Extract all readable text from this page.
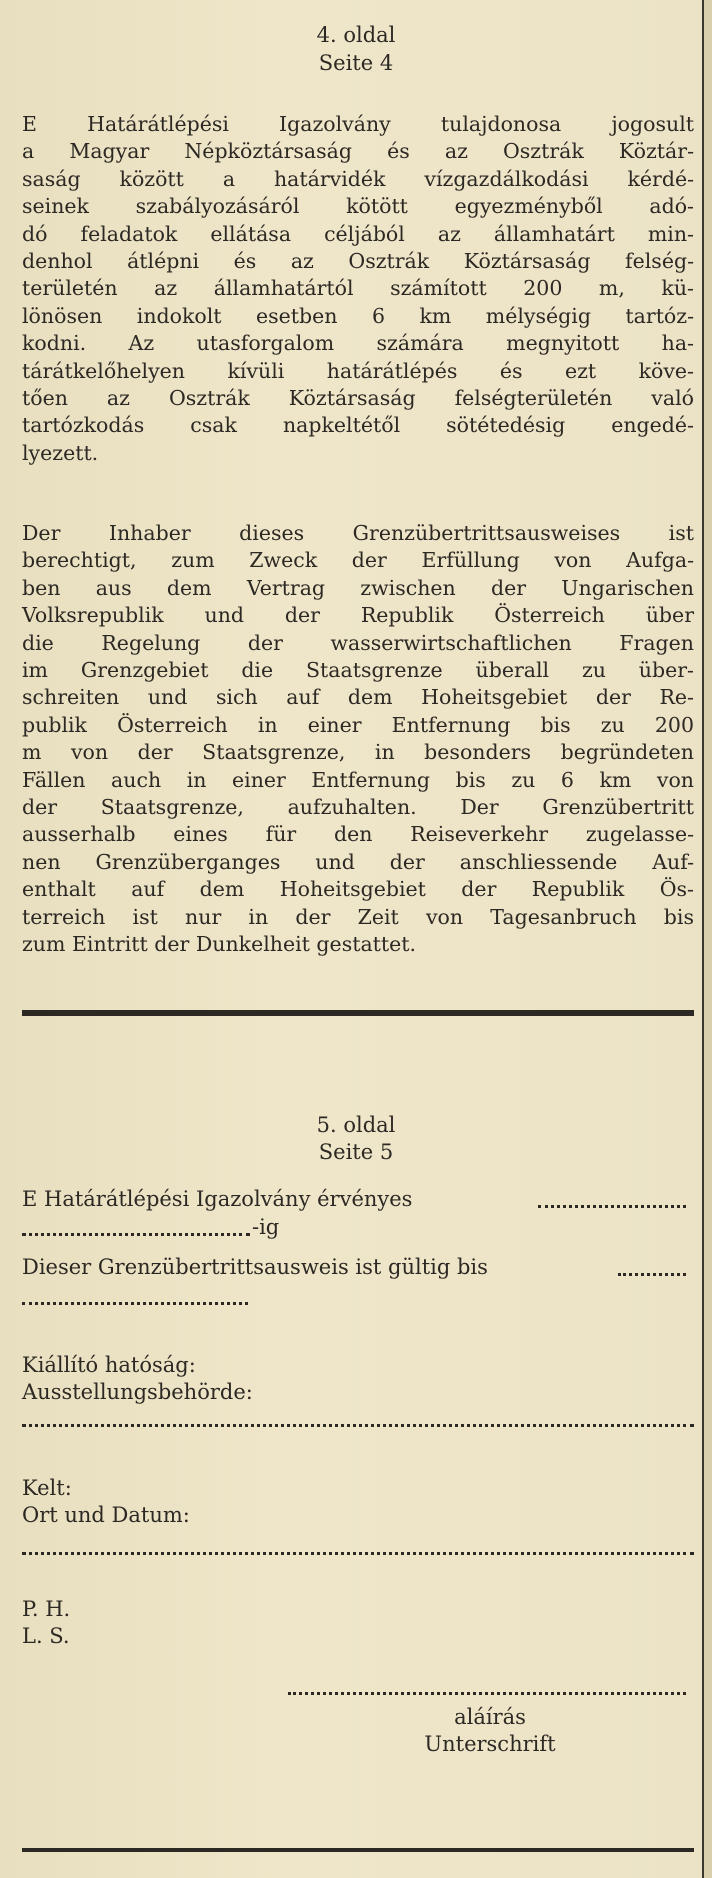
4. oldal
Seite 4
E Határátlépési Igazolvány tulajdonosa jogosult
a Magyar Népköztársaság és az Osztrák Köztár-
saság között a határvidék vízgazdálkodási kérdé-
seinek szabályozásáról kötött egyezményből adó-
dó feladatok ellátása céljából az államhatárt min-
denhol átlépni és az Osztrák Köztársaság felség-
területén az államhatártól számított 200 m, kü-
lönösen indokolt esetben 6 km mélységig tartóz-
kodni. Az utasforgalom számára megnyitott ha-
tárátkelőhelyen kívüli határátlépés és ezt köve-
tően az Osztrák Köztársaság felségterületén való
tartózkodás csak napkeltétől sötétedésig engedé-
lyezett.
Der Inhaber dieses Grenzübertrittsausweises ist
berechtigt, zum Zweck der Erfüllung von Aufga-
ben aus dem Vertrag zwischen der Ungarischen
Volksrepublik und der Republik Österreich über
die Regelung der wasserwirtschaftlichen Fragen
im Grenzgebiet die Staatsgrenze überall zu über-
schreiten und sich auf dem Hoheitsgebiet der Re-
publik Österreich in einer Entfernung bis zu 200
m von der Staatsgrenze, in besonders begründeten
Fällen auch in einer Entfernung bis zu 6 km von
der Staatsgrenze, aufzuhalten. Der Grenzübertritt
ausserhalb eines für den Reiseverkehr zugelasse-
nen Grenzüberganges und der anschliessende Auf-
enthalt auf dem Hoheitsgebiet der Republik Ös-
terreich ist nur in der Zeit von Tagesanbruch bis
zum Eintritt der Dunkelheit gestattet.
5. oldal
Seite 5
E Határátlépési Igazolvány érvényes
-ig
Dieser Grenzübertrittsausweis ist gültig bis
Kiállító hatóság:
Ausstellungsbehörde:
Kelt:
Ort und Datum:
P. H.
L. S.
aláírás
Unterschrift
